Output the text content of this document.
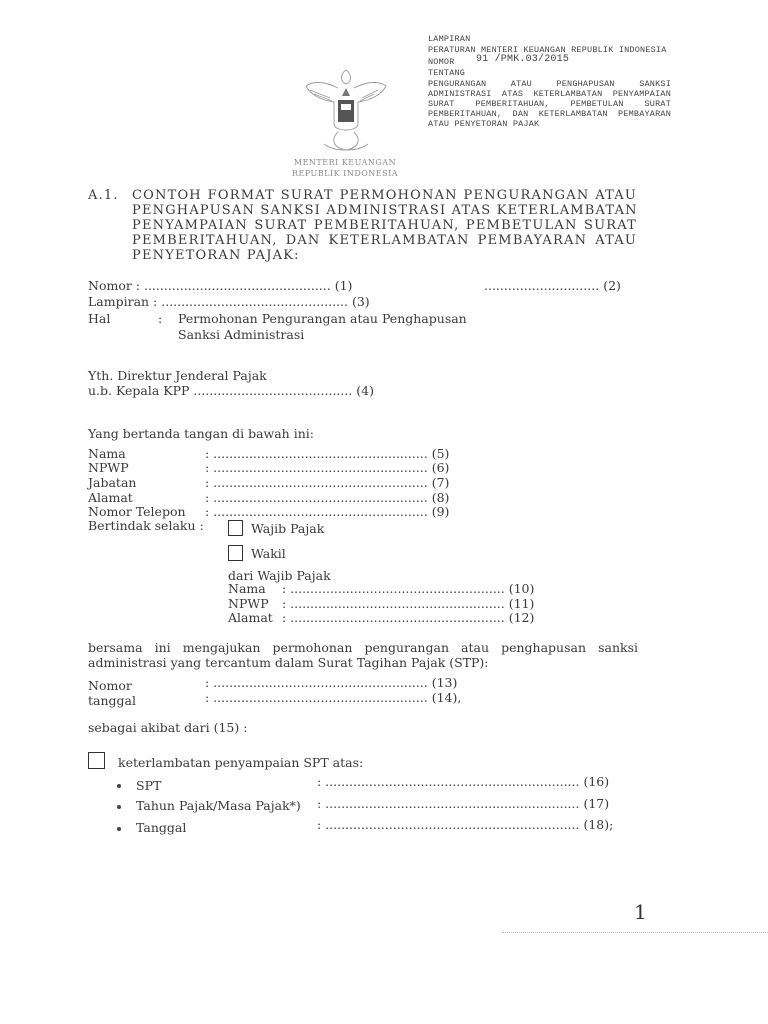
LAMPIRAN
PERATURAN MENTERI KEUANGAN REPUBLIK INDONESIA
NOMOR 91 /PMK.03/2015
TENTANG
PENGURANGAN ATAU PENGHAPUSAN SANKSI
ADMINISTRASI ATAS KETERLAMBATAN PENYAMPAIAN
SURAT PEMBERITAHUAN, PEMBETULAN SURAT
PEMBERITAHUAN, DAN KETERLAMBATAN PEMBAYARAN
ATAU PENYETORAN PAJAK
MENTERI KEUANGAN
REPUBLIK INDONESIA
A.1. CONTOH FORMAT SURAT PERMOHONAN PENGURANGAN ATAU
PENGHAPUSAN SANKSI ADMINISTRASI ATAS KETERLAMBATAN
PENYAMPAIAN SURAT PEMBERITAHUAN, PEMBETULAN SURAT
PEMBERITAHUAN, DAN KETERLAMBATAN PEMBAYARAN ATAU
PENYETORAN PAJAK:
Nomor : ............................................... (1)	............................. (2)
Lampiran : ............................................... (3)
Hal	: Permohonan Pengurangan atau Penghapusan
Sanksi Administrasi
Yth. Direktur Jenderal Pajak
u.b. Kepala KPP ........................................ (4)
Yang bertanda tangan di bawah ini:
Nama	: ...................................................... (5)
NPWP	: ...................................................... (6)
Jabatan	: ...................................................... (7)
Alamat	: ...................................................... (8)
Nomor Telepon : ...................................................... (9)
Bertindak selaku :	Wajib Pajak
Wakil
dari Wajib Pajak
Nama : ...................................................... (10)
NPWP : ...................................................... (11)
Alamat : ...................................................... (12)
bersama ini mengajukan permohonan pengurangan atau penghapusan sanksi
administrasi yang tercantum dalam Surat Tagihan Pajak (STP):
Nomor	: ...................................................... (13)
tanggal	: ...................................................... (14),
sebagai akibat dari (15) :
keterlambatan penyampaian SPT atas:
SPT	: ................................................................ (16)
Tahun Pajak/Masa Pajak*) : ................................................................ (17)
Tanggal	: ................................................................ (18);
1
